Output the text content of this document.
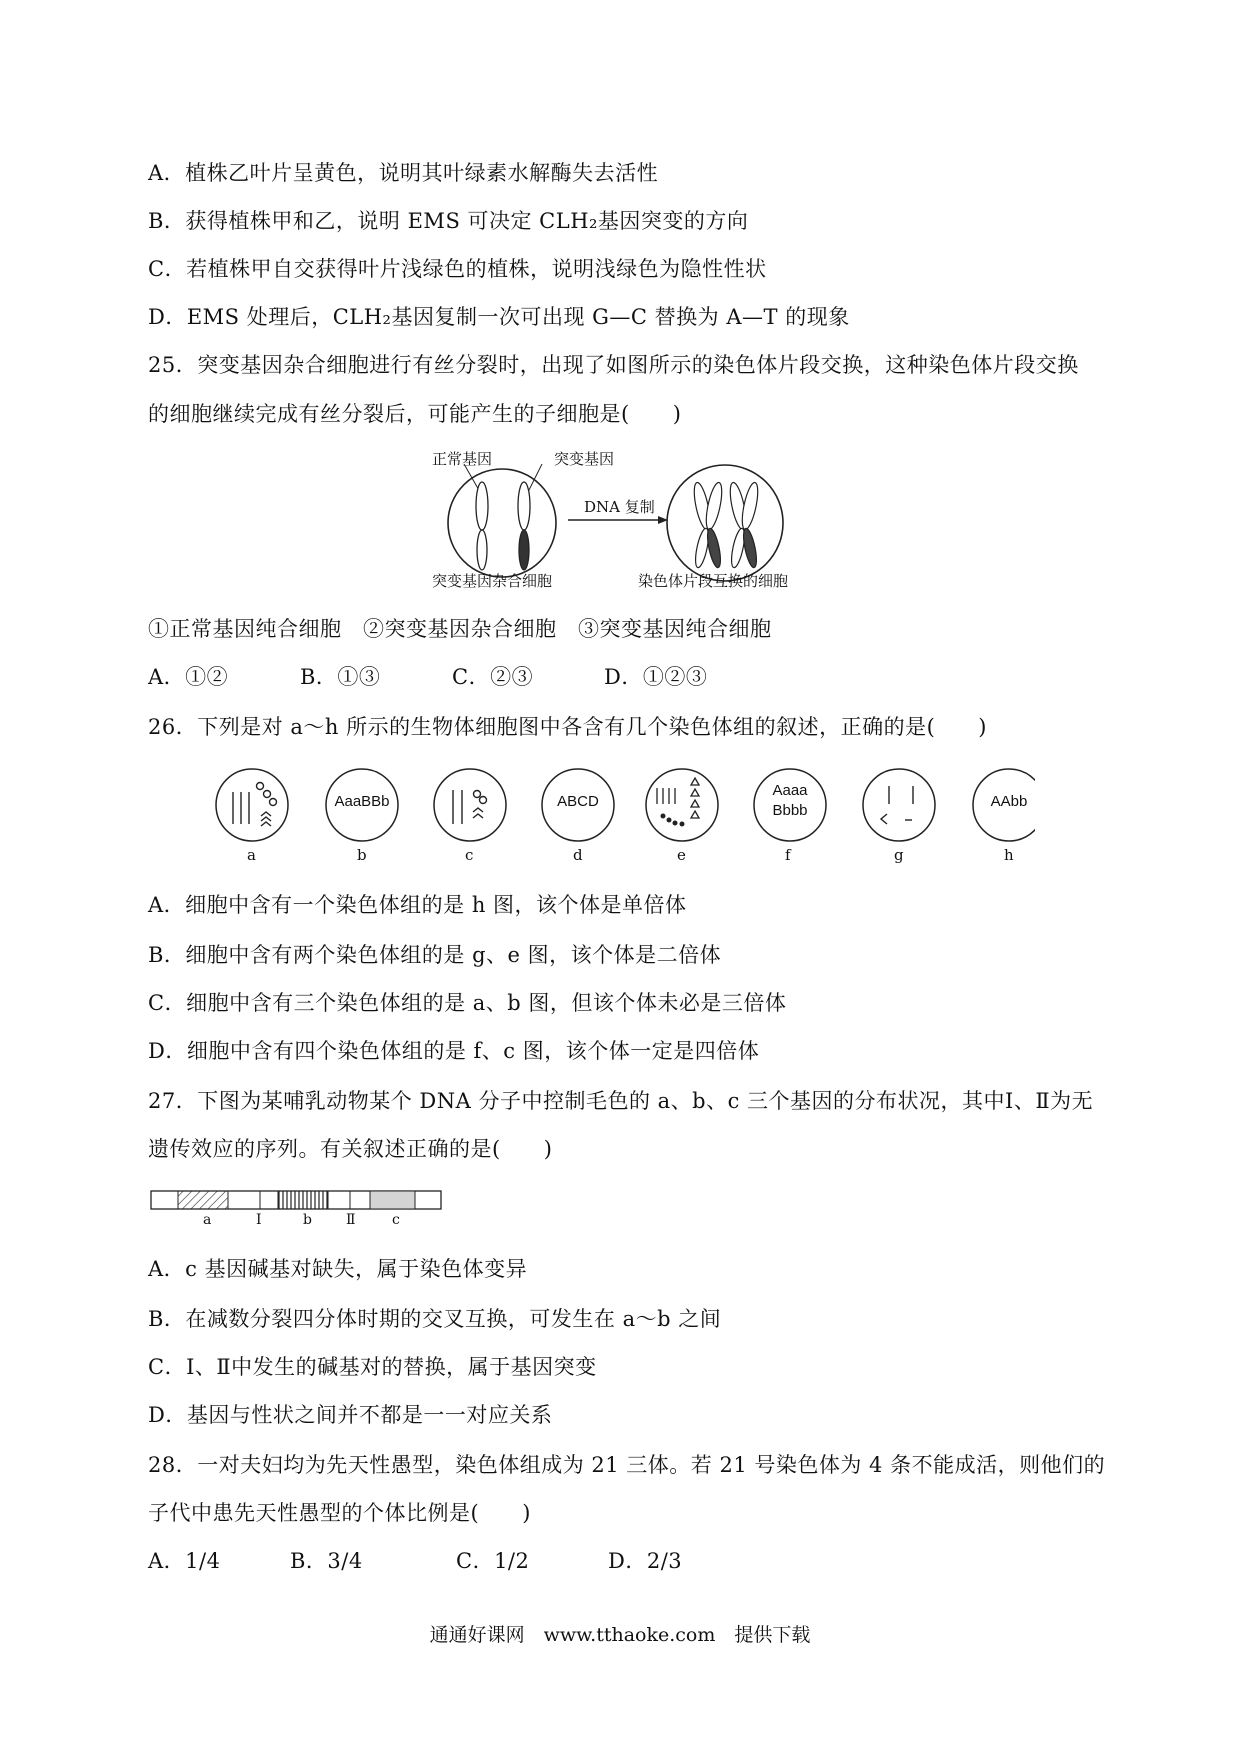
A．植株乙叶片呈黄色，说明其叶绿素水解酶失去活性
B．获得植株甲和乙，说明 EMS 可决定 CLH₂基因突变的方向
C．若植株甲自交获得叶片浅绿色的植株，说明浅绿色为隐性性状
D．EMS 处理后，CLH₂基因复制一次可出现 G—C 替换为 A—T 的现象
25．突变基因杂合细胞进行有丝分裂时，出现了如图所示的染色体片段交换，这种染色体片段交换
的细胞继续完成有丝分裂后，可能产生的子细胞是(　　)
正常基因	突变基因
DNA 复制
突变基因杂合细胞	染色体片段互换的细胞
①正常基因纯合细胞　②突变基因杂合细胞　③突变基因纯合细胞
A．①②	B．①③	C．②③	D．①②③
26．下列是对 a～h 所示的生物体细胞图中各含有几个染色体组的叙述，正确的是(　　)
AaaBBb	ABCD
Aaaa
Bbbb
AAbb
a	b	c	d	e	f	g	h
A．细胞中含有一个染色体组的是 h 图，该个体是单倍体
B．细胞中含有两个染色体组的是 g、e 图，该个体是二倍体
C．细胞中含有三个染色体组的是 a、b 图，但该个体未必是三倍体
D．细胞中含有四个染色体组的是 f、c 图，该个体一定是四倍体
27．下图为某哺乳动物某个 DNA 分子中控制毛色的 a、b、c 三个基因的分布状况，其中Ⅰ、Ⅱ为无
遗传效应的序列。有关叙述正确的是(　　)
a	Ⅰ	b Ⅱ	c
A．c 基因碱基对缺失，属于染色体变异
B．在减数分裂四分体时期的交叉互换，可发生在 a～b 之间
C．Ⅰ、Ⅱ中发生的碱基对的替换，属于基因突变
D．基因与性状之间并不都是一一对应关系
28．一对夫妇均为先天性愚型，染色体组成为 21 三体。若 21 号染色体为 4 条不能成活，则他们的
子代中患先天性愚型的个体比例是(　　)
A．1/4	B．3/4	C．1/2	D．2/3
通通好课网　www.tthaoke.com　提供下载
